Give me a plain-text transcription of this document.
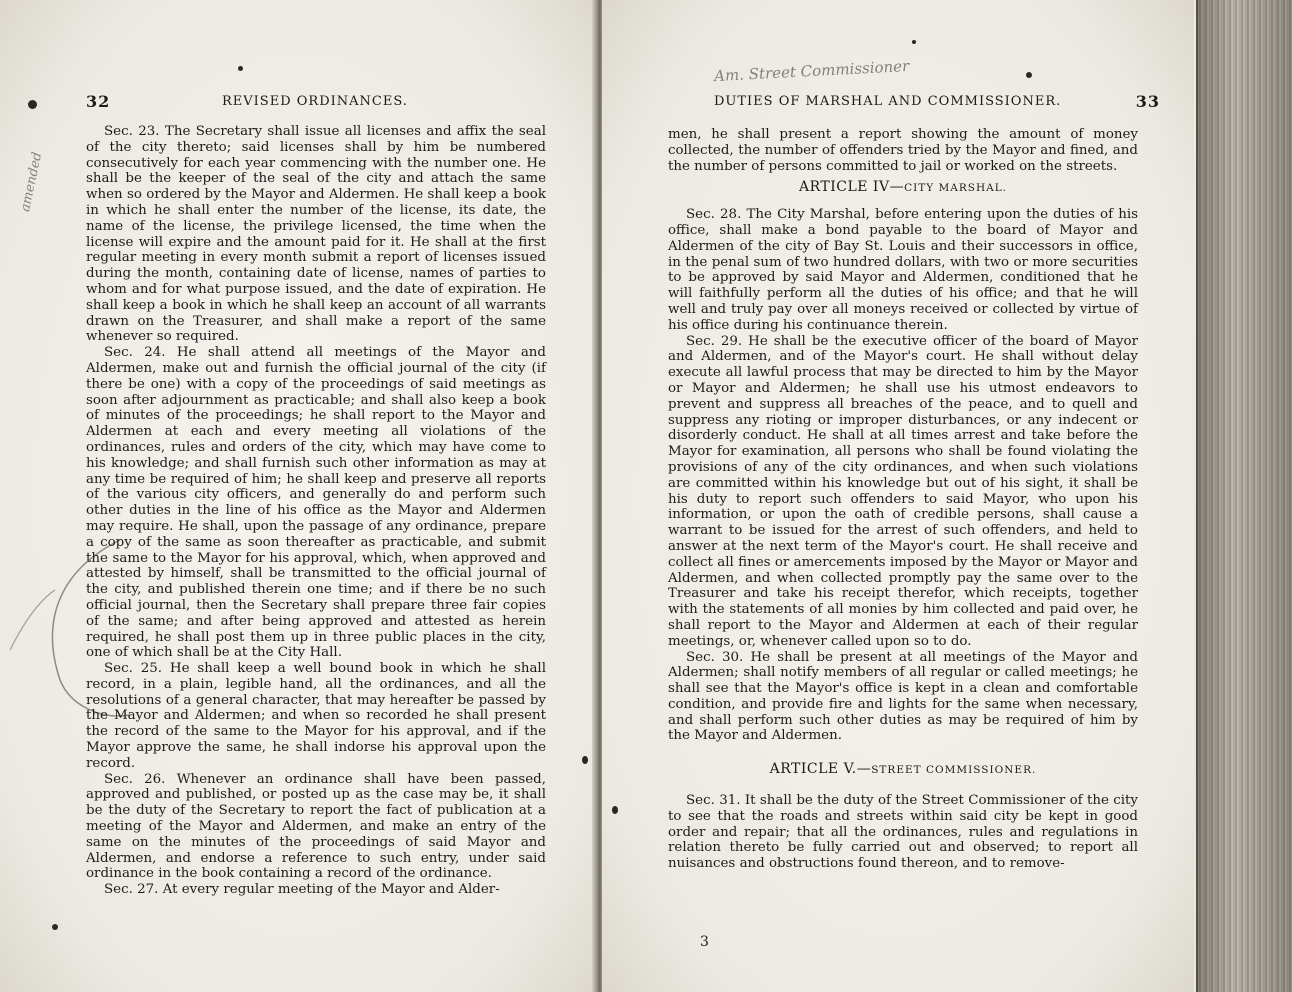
32	REVISED ORDINANCES.

Sec. 23. The Secretary shall issue all licenses and affix the seal of the city thereto; said licenses shall by him be numbered consecutively for each year commencing with the number one. He shall be the keeper of the seal of the city and attach the same when so ordered by the Mayor and Aldermen. He shall keep a book in which he shall enter the number of the license, its date, the name of the license, the privilege licensed, the time when the license will expire and the amount paid for it. He shall at the first regular meeting in every month submit a report of licenses issued during the month, containing date of license, names of parties to whom and for what purpose issued, and the date of expiration. He shall keep a book in which he shall keep an account of all warrants drawn on the Treasurer, and shall make a report of the same whenever so required.

Sec. 24. He shall attend all meetings of the Mayor and Aldermen, make out and furnish the official journal of the city (if there be one) with a copy of the proceedings of said meetings as soon after adjournment as practicable; and shall also keep a book of minutes of the proceedings; he shall report to the Mayor and Aldermen at each and every meeting all violations of the ordinances, rules and orders of the city, which may have come to his knowledge; and shall furnish such other information as may at any time be required of him; he shall keep and preserve all reports of the various city officers, and generally do and perform such other duties in the line of his office as the Mayor and Aldermen may require. He shall, upon the passage of any ordinance, prepare a copy of the same as soon thereafter as practicable, and submit the same to the Mayor for his approval, which, when approved and attested by himself, shall be transmitted to the official journal of the city, and published therein one time; and if there be no such official journal, then the Secretary shall prepare three fair copies of the same; and after being approved and attested as herein required, he shall post them up in three public places in the city, one of which shall be at the City Hall.

Sec. 25. He shall keep a well bound book in which he shall record, in a plain, legible hand, all the ordinances, and all the resolutions of a general character, that may hereafter be passed by the Mayor and Aldermen; and when so recorded he shall present the record of the same to the Mayor for his approval, and if the Mayor approve the same, he shall indorse his approval upon the record.

Sec. 26. Whenever an ordinance shall have been passed, approved and published, or posted up as the case may be, it shall be the duty of the Secretary to report the fact of publication at a meeting of the Mayor and Aldermen, and make an entry of the same on the minutes of the proceedings of said Mayor and Aldermen, and endorse a reference to such entry, under said ordinance in the book containing a record of the ordinance.

Sec. 27. At every regular meeting of the Mayor and Alder-

amended
DUTIES OF MARSHAL AND COMMISSIONER.	33
Am. Street Commissioner

men, he shall present a report showing the amount of money collected, the number of offenders tried by the Mayor and fined, and the number of persons committed to jail or worked on the streets.

ARTICLE IV—CITY MARSHAL.

Sec. 28. The City Marshal, before entering upon the duties of his office, shall make a bond payable to the board of Mayor and Aldermen of the city of Bay St. Louis and their successors in office, in the penal sum of two hundred dollars, with two or more securities to be approved by said Mayor and Aldermen, conditioned that he will faithfully perform all the duties of his office; and that he will well and truly pay over all moneys received or collected by virtue of his office during his continuance therein.

Sec. 29. He shall be the executive officer of the board of Mayor and Aldermen, and of the Mayor's court. He shall without delay execute all lawful process that may be directed to him by the Mayor or Mayor and Aldermen; he shall use his utmost endeavors to prevent and suppress all breaches of the peace, and to quell and suppress any rioting or improper disturbances, or any indecent or disorderly conduct. He shall at all times arrest and take before the Mayor for examination, all persons who shall be found violating the provisions of any of the city ordinances, and when such violations are committed within his knowledge but out of his sight, it shall be his duty to report such offenders to said Mayor, who upon his information, or upon the oath of credible persons, shall cause a warrant to be issued for the arrest of such offenders, and held to answer at the next term of the Mayor's court. He shall receive and collect all fines or amercements imposed by the Mayor or Mayor and Aldermen, and when collected promptly pay the same over to the Treasurer and take his receipt therefor, which receipts, together with the statements of all monies by him collected and paid over, he shall report to the Mayor and Aldermen at each of their regular meetings, or, whenever called upon so to do.

Sec. 30. He shall be present at all meetings of the Mayor and Aldermen; shall notify members of all regular or called meetings; he shall see that the Mayor's office is kept in a clean and comfortable condition, and provide fire and lights for the same when necessary, and shall perform such other duties as may be required of him by the Mayor and Aldermen.

ARTICLE V.—STREET COMMISSIONER.

Sec. 31. It shall be the duty of the Street Commissioner of the city to see that the roads and streets within said city be kept in good order and repair; that all the ordinances, rules and regulations in relation thereto be fully carried out and observed; to report all nuisances and obstructions found thereon, and to remove-

3
